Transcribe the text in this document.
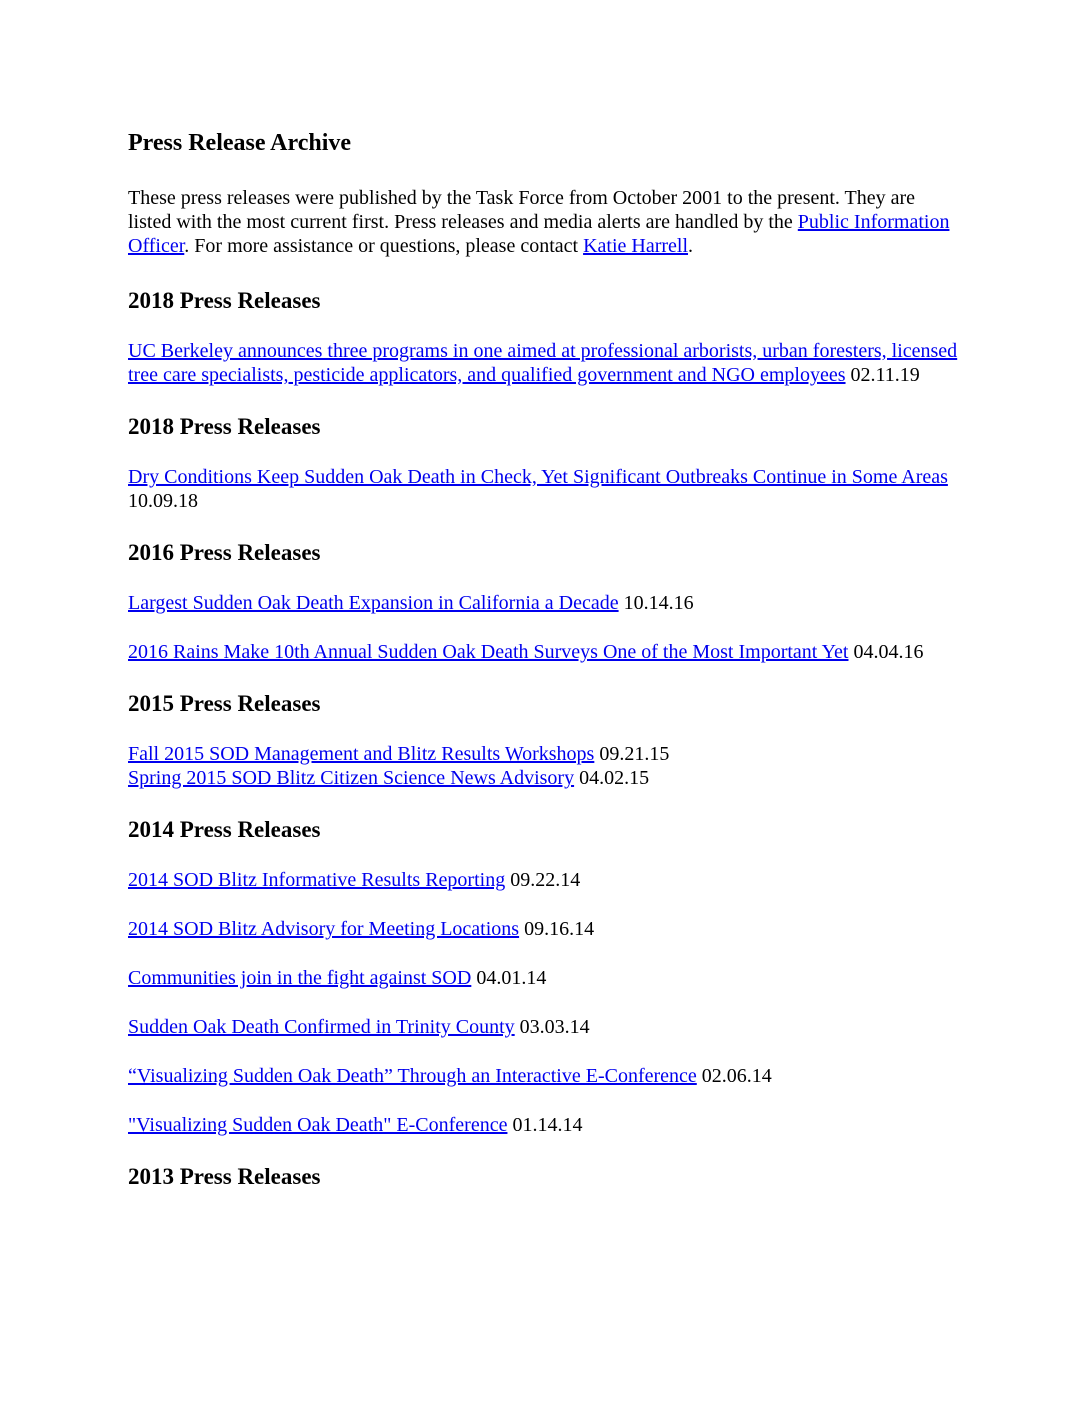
Press Release Archive

These press releases were published by the Task Force from October 2001 to the present. They are listed with the most current first. Press releases and media alerts are handled by the Public Information Officer. For more assistance or questions, please contact Katie Harrell.

2018 Press Releases
UC Berkeley announces three programs in one aimed at professional arborists, urban foresters, licensed tree care specialists, pesticide applicators, and qualified government and NGO employees 02.11.19
2018 Press Releases
Dry Conditions Keep Sudden Oak Death in Check, Yet Significant Outbreaks Continue in Some Areas 10.09.18
2016 Press Releases
Largest Sudden Oak Death Expansion in California a Decade 10.14.16
2016 Rains Make 10th Annual Sudden Oak Death Surveys One of the Most Important Yet 04.04.16
2015 Press Releases
Fall 2015 SOD Management and Blitz Results Workshops 09.21.15
Spring 2015 SOD Blitz Citizen Science News Advisory 04.02.15
2014 Press Releases
2014 SOD Blitz Informative Results Reporting 09.22.14
2014 SOD Blitz Advisory for Meeting Locations 09.16.14
Communities join in the fight against SOD 04.01.14
Sudden Oak Death Confirmed in Trinity County 03.03.14
“Visualizing Sudden Oak Death” Through an Interactive E-Conference 02.06.14
"Visualizing Sudden Oak Death" E-Conference 01.14.14
2013 Press Releases
